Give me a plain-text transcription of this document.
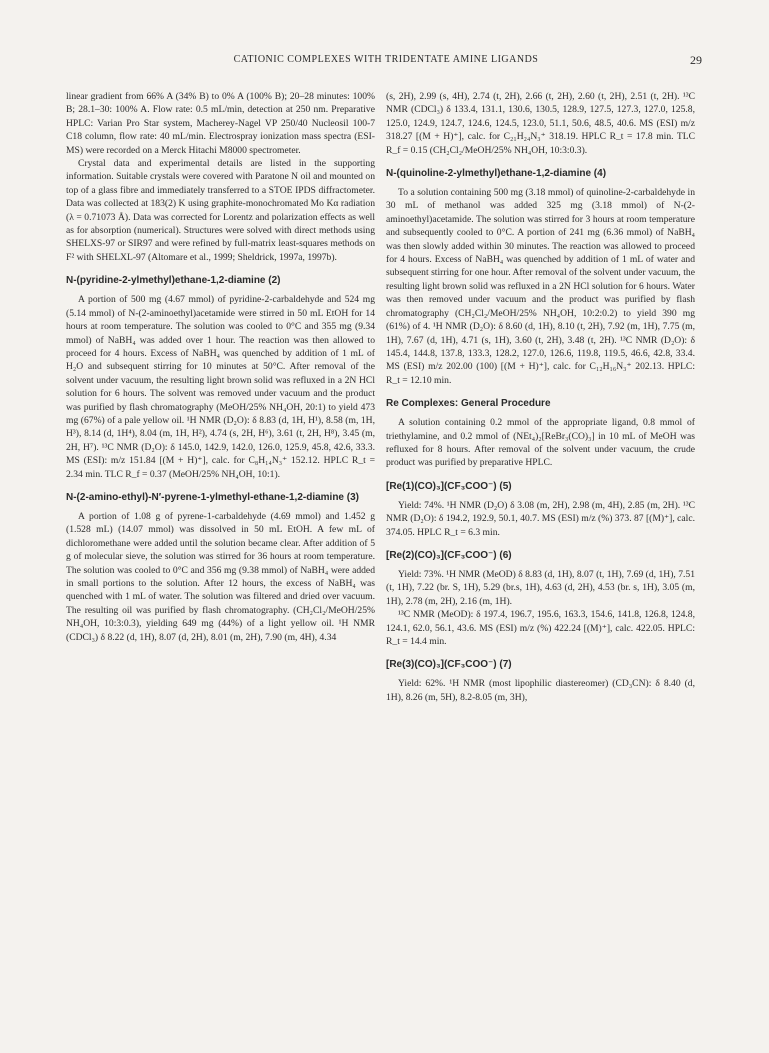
CATIONIC COMPLEXES WITH TRIDENTATE AMINE LIGANDS	29

linear gradient from 66% A (34% B) to 0% A (100% B); 20–28 minutes: 100% B; 28.1–30: 100% A. Flow rate: 0.5 mL/min, detection at 250 nm. Preparative HPLC: Varian Pro Star system, Macherey-Nagel VP 250/40 Nucleosil 100-7 C18 column, flow rate: 40 mL/min. Electrospray ionization mass spectra (ESI-MS) were recorded on a Merck Hitachi M8000 spectrometer.

Crystal data and experimental details are listed in the supporting information. Suitable crystals were covered with Paratone N oil and mounted on top of a glass fibre and immediately transferred to a STOE IPDS diffractometer. Data was collected at 183(2) K using graphite-monochromated Mo Kα radiation (λ = 0.71073 Å). Data was corrected for Lorentz and polarization effects as well as for absorption (numerical). Structures were solved with direct methods using SHELXS-97 or SIR97 and were refined by full-matrix least-squares methods on F² with SHELXL-97 (Altomare et al., 1999; Sheldrick, 1997a, 1997b).

N-(pyridine-2-ylmethyl)ethane-1,2-diamine (2)

A portion of 500 mg (4.67 mmol) of pyridine-2-carbaldehyde and 524 mg (5.14 mmol) of N-(2-aminoethyl)acetamide were stirred in 50 mL EtOH for 14 hours at room temperature. The solution was cooled to 0°C and 355 mg (9.34 mmol) of NaBH₄ was added over 1 hour. The reaction was then allowed to proceed for 4 hours. Excess of NaBH₄ was quenched by addition of 1 mL of H₂O and subsequent stirring for 10 minutes at 50°C. After removal of the solvent under vacuum, the resulting light brown solid was refluxed in a 2N HCl solution for 6 hours. The solvent was removed under vacuum and the product was purified by flash chromatography (MeOH/25% NH₄OH, 20:1) to yield 473 mg (67%) of a pale yellow oil. ¹H NMR (D₂O): δ 8.83 (d, 1H, H¹), 8.58 (m, 1H, H³), 8.14 (d, 1H⁴), 8.04 (m, 1H, H²), 4.74 (s, 2H, H⁶), 3.61 (t, 2H, H⁸), 3.45 (m, 2H, H⁷). ¹³C NMR (D₂O): δ 145.0, 142.9, 142.0, 126.0, 125.9, 45.8, 42.6, 33.3. MS (ESI): m/z 151.84 [(M + H)⁺], calc. for C₈H₁₄N₃⁺ 152.12. HPLC R_t = 2.34 min. TLC R_f = 0.37 (MeOH/25% NH₄OH, 10:1).

N-(2-amino-ethyl)-N′-pyrene-1-ylmethyl-ethane-1,2-diamine (3)

A portion of 1.08 g of pyrene-1-carbaldehyde (4.69 mmol) and 1.452 g (1.528 mL) (14.07 mmol) was dissolved in 50 mL EtOH. A few mL of dichloromethane were added until the solution became clear. After addition of 5 g of molecular sieve, the solution was stirred for 36 hours at room temperature. The solution was cooled to 0°C and 356 mg (9.38 mmol) of NaBH₄ were added in small portions to the solution. After 12 hours, the excess of NaBH₄ was quenched with 1 mL of water. The solution was filtered and dried over vacuum. The resulting oil was purified by flash chromatography. (CH₂Cl₂/MeOH/25% NH₄OH, 10:3:0.3), yielding 649 mg (44%) of a light yellow oil. ¹H NMR (CDCl₃) δ 8.22 (d, 1H), 8.07 (d, 2H), 8.01 (m, 2H), 7.90 (m, 4H), 4.34

(s, 2H), 2.99 (s, 4H), 2.74 (t, 2H), 2.66 (t, 2H), 2.60 (t, 2H), 2.51 (t, 2H). ¹³C NMR (CDCl₃) δ 133.4, 131.1, 130.6, 130.5, 128.9, 127.5, 127.3, 127.0, 125.8, 125.0, 124.9, 124.7, 124.6, 124.5, 123.0, 51.1, 50.6, 48.5, 40.6. MS (ESI) m/z 318.27 [(M + H)⁺], calc. for C₂₁H₂₄N₃⁺ 318.19. HPLC R_t = 17.8 min. TLC R_f = 0.15 (CH₂Cl₂/MeOH/25% NH₄OH, 10:3:0.3).

N-(quinoline-2-ylmethyl)ethane-1,2-diamine (4)

To a solution containing 500 mg (3.18 mmol) of quinoline-2-carbaldehyde in 30 mL of methanol was added 325 mg (3.18 mmol) of N-(2-aminoethyl)acetamide. The solution was stirred for 3 hours at room temperature and subsequently cooled to 0°C. A portion of 241 mg (6.36 mmol) of NaBH₄ was then slowly added within 30 minutes. The reaction was allowed to proceed for 4 hours. Excess of NaBH₄ was quenched by addition of 1 mL of water and subsequent stirring for one hour. After removal of the solvent under vacuum, the resulting light brown solid was refluxed in a 2N HCl solution for 6 hours. Water was then removed under vacuum and the product was purified by flash chromatography (CH₂Cl₂/MeOH/25% NH₄OH, 10:2:0.2) to yield 390 mg (61%) of 4. ¹H NMR (D₂O): δ 8.60 (d, 1H), 8.10 (t, 2H), 7.92 (m, 1H), 7.75 (m, 1H), 7.67 (d, 1H), 4.71 (s, 1H), 3.60 (t, 2H), 3.48 (t, 2H). ¹³C NMR (D₂O): δ 145.4, 144.8, 137.8, 133.3, 128.2, 127.0, 126.6, 119.8, 119.5, 46.6, 42.8, 33.4. MS (ESI) m/z 202.00 (100) [(M + H)⁺], calc. for C₁₂H₁₆N₃⁺ 202.13. HPLC: R_t = 12.10 min.

Re Complexes: General Procedure

A solution containing 0.2 mmol of the appropriate ligand, 0.8 mmol of triethylamine, and 0.2 mmol of (NEt₄)₂[ReBr₃(CO)₃] in 10 mL of MeOH was refluxed for 8 hours. After removal of the solvent under vacuum, the crude product was purified by preparative HPLC.

[Re(1)(CO)₃](CF₃COO⁻) (5)

Yield: 74%. ¹H NMR (D₂O) δ 3.08 (m, 2H), 2.98 (m, 4H), 2.85 (m, 2H). ¹³C NMR (D₂O): δ 194.2, 192.9, 50.1, 40.7. MS (ESI) m/z (%) 373. 87 [(M)⁺], calc. 374.05. HPLC R_t = 6.3 min.

[Re(2)(CO)₃](CF₃COO⁻) (6)

Yield: 73%. ¹H NMR (MeOD) δ 8.83 (d, 1H), 8.07 (t, 1H), 7.69 (d, 1H), 7.51 (t, 1H), 7.22 (br. S, 1H), 5.29 (br.s, 1H), 4.63 (d, 2H), 4.53 (br. s, 1H), 3.05 (m, 1H), 2.78 (m, 2H), 2.16 (m, 1H).

¹³C NMR (MeOD): δ 197.4, 196.7, 195.6, 163.3, 154.6, 141.8, 126.8, 124.8, 124.1, 62.0, 56.1, 43.6. MS (ESI) m/z (%) 422.24 [(M)⁺], calc. 422.05. HPLC: R_t = 14.4 min.

[Re(3)(CO)₃](CF₃COO⁻) (7)

Yield: 62%. ¹H NMR (most lipophilic diastereomer) (CD₃CN): δ 8.40 (d, 1H), 8.26 (m, 5H), 8.2-8.05 (m, 3H),
